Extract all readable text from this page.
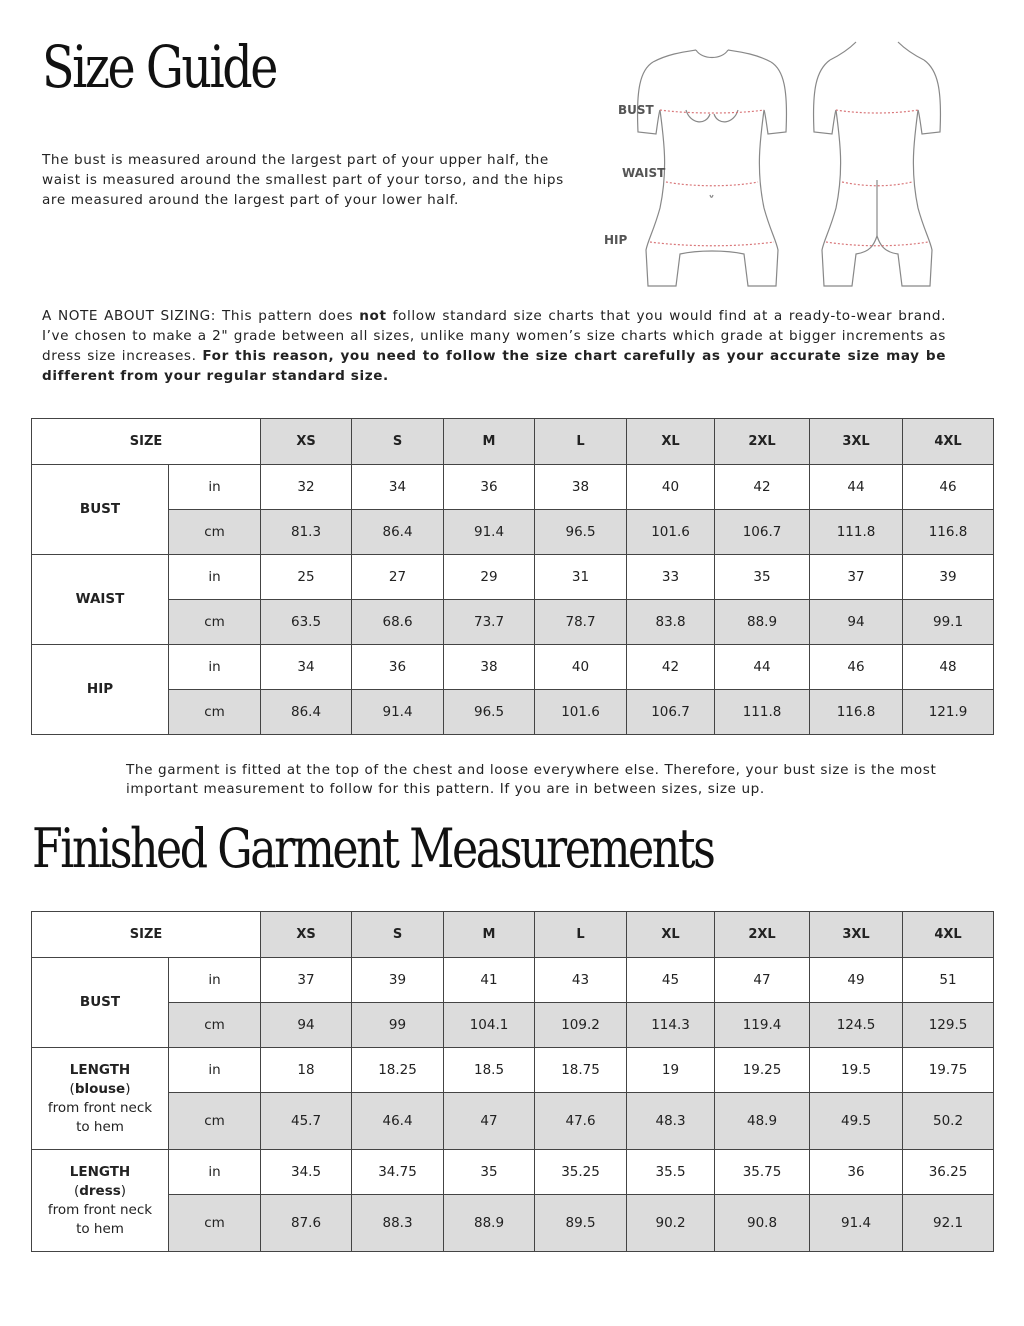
Size Guide

The bust is measured around the largest part of your upper half, the waist is measured around the smallest part of your torso, and the hips are measured around the largest part of your lower half.

BUST
WAIST
HIP

A NOTE ABOUT SIZING: This pattern does not follow standard size charts that you would find at a ready-to-wear brand. I’ve chosen to make a 2" grade between all sizes, unlike many women’s size charts which grade at bigger increments as dress size increases. For this reason, you need to follow the size chart carefully as your accurate size may be different from your regular standard size.

SIZE		XS	S	M	L	XL	2XL	3XL	4XL
BUST	in	32	34	36	38	40	42	44	46
	cm	81.3	86.4	91.4	96.5	101.6	106.7	111.8	116.8
WAIST	in	25	27	29	31	33	35	37	39
	cm	63.5	68.6	73.7	78.7	83.8	88.9	94	99.1
HIP	in	34	36	38	40	42	44	46	48
	cm	86.4	91.4	96.5	101.6	106.7	111.8	116.8	121.9

The garment is fitted at the top of the chest and loose everywhere else. Therefore, your bust size is the most important measurement to follow for this pattern. If you are in between sizes, size up.

Finished Garment Measurements
SIZE		XS	S	M	L	XL	2XL	3XL	4XL
BUST	in	37	39	41	43	45	47	49	51
	cm	94	99	104.1	109.2	114.3	119.4	124.5	129.5
LENGTH
(blouse)
from front neck to hem	in	18	18.25	18.5	18.75	19	19.25	19.5	19.75
	cm	45.7	46.4	47	47.6	48.3	48.9	49.5	50.2
LENGTH
(dress)
from front neck to hem	in	34.5	34.75	35	35.25	35.5	35.75	36	36.25
	cm	87.6	88.3	88.9	89.5	90.2	90.8	91.4	92.1
